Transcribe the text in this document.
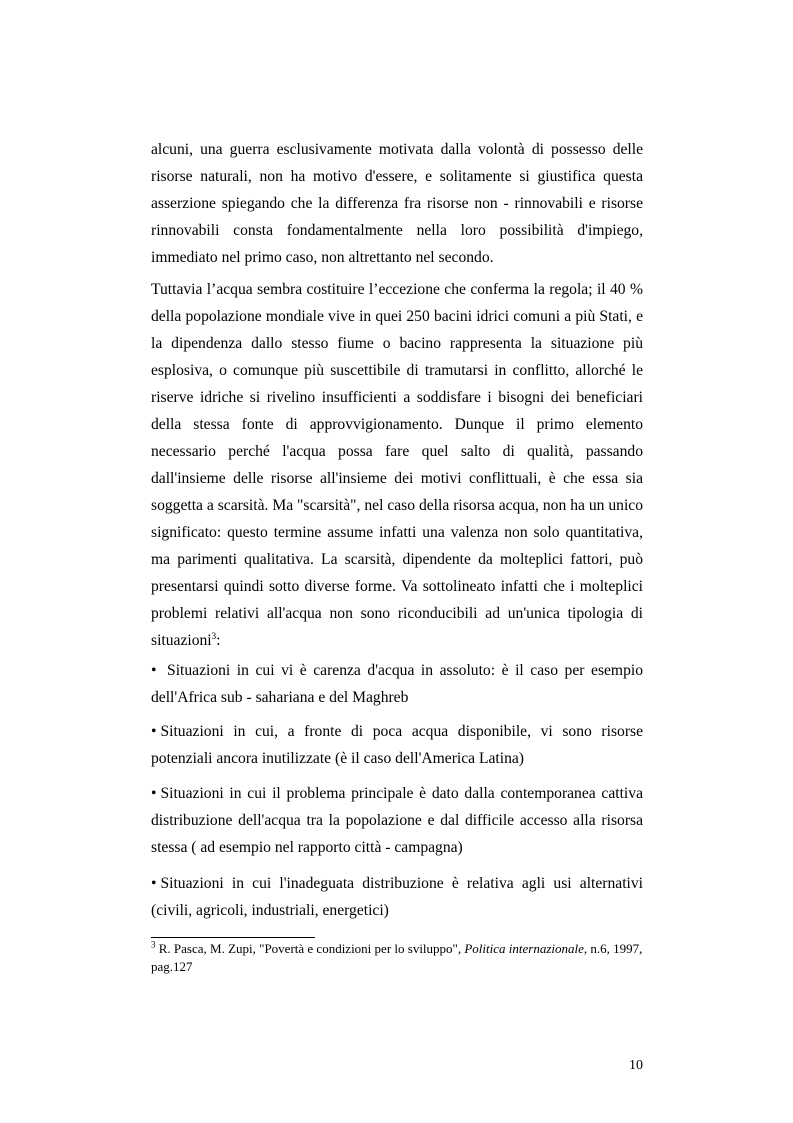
alcuni, una guerra esclusivamente motivata dalla volontà di possesso delle risorse naturali, non ha motivo d'essere, e solitamente si giustifica questa asserzione spiegando che la differenza fra risorse non - rinnovabili e risorse rinnovabili consta fondamentalmente nella loro possibilità d'impiego, immediato nel primo caso, non altrettanto nel secondo.

Tuttavia l’acqua sembra costituire l’eccezione che conferma la regola; il 40 % della popolazione mondiale vive in quei 250 bacini idrici comuni a più Stati, e la dipendenza dallo stesso fiume o bacino rappresenta la situazione più esplosiva, o comunque più suscettibile di tramutarsi in conflitto, allorché le riserve idriche si rivelino insufficienti a soddisfare i bisogni dei beneficiari della stessa fonte di approvvigionamento. Dunque il primo elemento necessario perché l'acqua possa fare quel salto di qualità, passando dall'insieme delle risorse all'insieme dei motivi conflittuali, è che essa sia soggetta a scarsità. Ma "scarsità", nel caso della risorsa acqua, non ha un unico significato: questo termine assume infatti una valenza non solo quantitativa, ma parimenti qualitativa. La scarsità, dipendente da molteplici fattori, può presentarsi quindi sotto diverse forme. Va sottolineato infatti che i molteplici problemi relativi all'acqua non sono riconducibili ad un'unica tipologia di situazioni$^3$:

• Situazioni in cui vi è carenza d'acqua in assoluto: è il caso per esempio dell'Africa sub - sahariana e del Maghreb

• Situazioni in cui, a fronte di poca acqua disponibile, vi sono risorse potenziali ancora inutilizzate (è il caso dell'America Latina)

• Situazioni in cui il problema principale è dato dalla contemporanea cattiva distribuzione dell'acqua tra la popolazione e dal difficile accesso alla risorsa stessa ( ad esempio nel rapporto città - campagna)

• Situazioni in cui l'inadeguata distribuzione è relativa agli usi alternativi (civili, agricoli, industriali, energetici)

$^3$ R. Pasca, M. Zupi, "Povertà e condizioni per lo sviluppo", Politica internazionale, n.6, 1997, pag.127

10
